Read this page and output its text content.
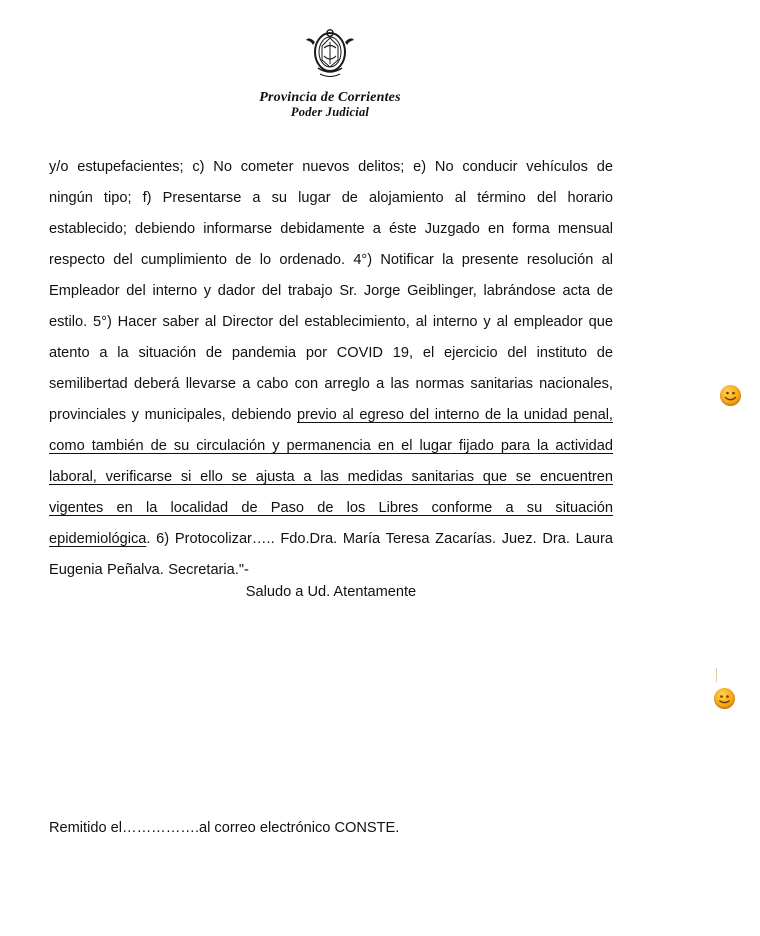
Provincia de Corrientes
Poder Judicial

y/o estupefacientes; c) No cometer nuevos delitos; e) No conducir vehículos de ningún tipo; f) Presentarse a su lugar de alojamiento al término del horario establecido; debiendo informarse debidamente a éste Juzgado en forma mensual respecto del cumplimiento de lo ordenado. 4°) Notificar la presente resolución al Empleador del interno y dador del trabajo Sr. Jorge Geiblinger, labrándose acta de estilo. 5°) Hacer saber al Director del establecimiento, al interno y al empleador que atento a la situación de pandemia por COVID 19, el ejercicio del instituto de semilibertad deberá llevarse a cabo con arreglo a las normas sanitarias nacionales, provinciales y municipales, debiendo previo al egreso del interno de la unidad penal, como también de su circulación y permanencia en el lugar fijado para la actividad laboral, verificarse si ello se ajusta a las medidas sanitarias que se encuentren vigentes en la localidad de Paso de los Libres conforme a su situación epidemiológica. 6) Protocolizar….. Fdo.Dra. María Teresa Zacarías. Juez. Dra. Laura Eugenia Peñalva. Secretaria."-

Saludo a Ud. Atentamente
Remitido el…………….al correo electrónico CONSTE.
